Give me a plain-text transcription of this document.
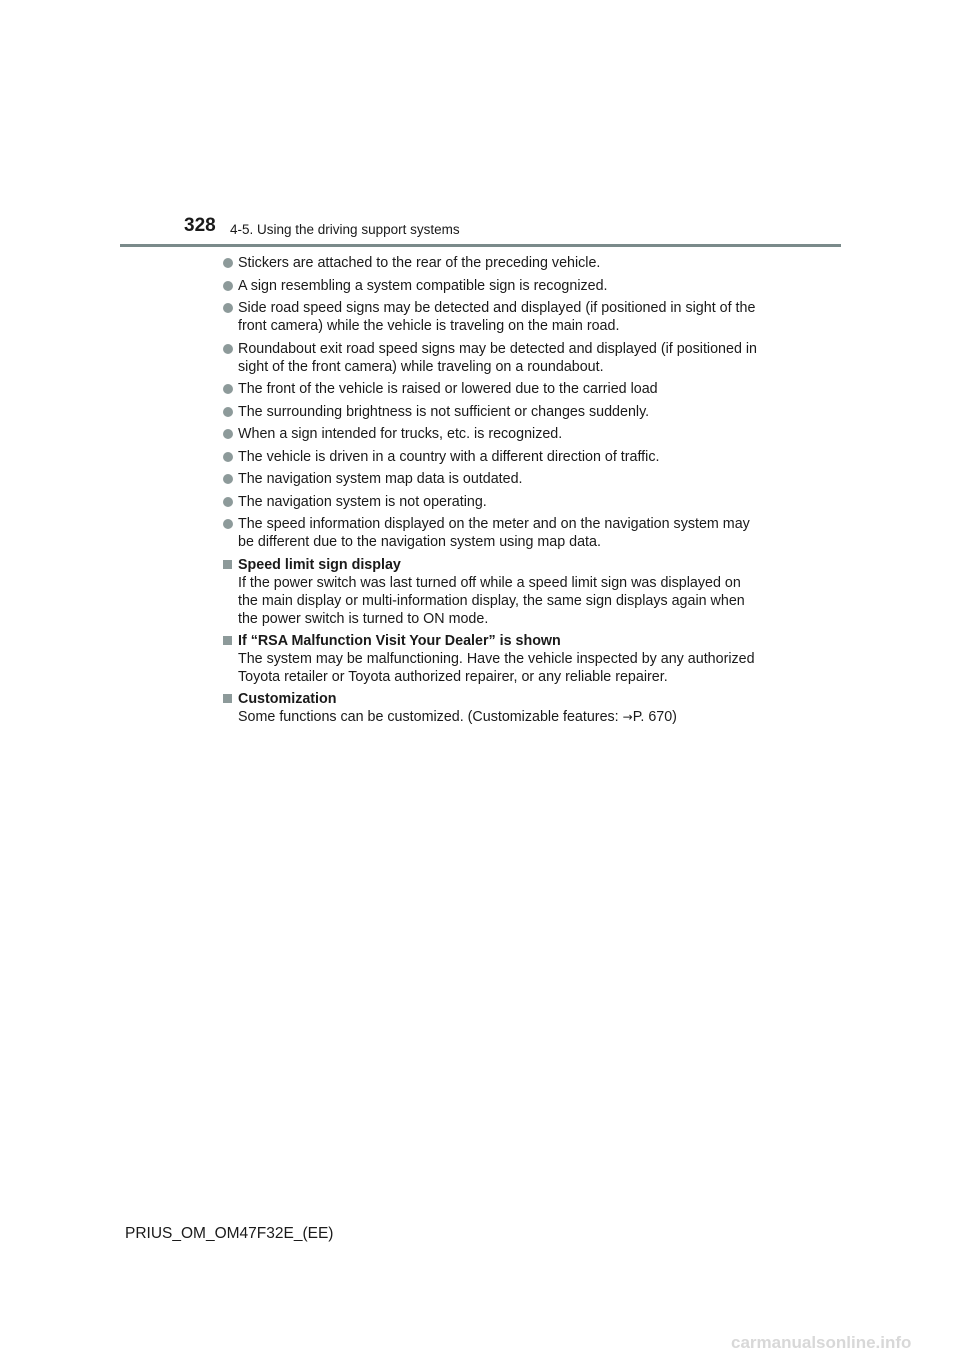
328 4-5. Using the driving support systems
Stickers are attached to the rear of the preceding vehicle.
A sign resembling a system compatible sign is recognized.
Side road speed signs may be detected and displayed (if positioned in sight of the front camera) while the vehicle is traveling on the main road.
Roundabout exit road speed signs may be detected and displayed (if positioned in sight of the front camera) while traveling on a roundabout.
The front of the vehicle is raised or lowered due to the carried load
The surrounding brightness is not sufficient or changes suddenly.
When a sign intended for trucks, etc. is recognized.
The vehicle is driven in a country with a different direction of traffic.
The navigation system map data is outdated.
The navigation system is not operating.
The speed information displayed on the meter and on the navigation system may be different due to the navigation system using map data.
Speed limit sign display
If the power switch was last turned off while a speed limit sign was displayed on the main display or multi-information display, the same sign displays again when the power switch is turned to ON mode.
If “RSA Malfunction Visit Your Dealer” is shown
The system may be malfunctioning. Have the vehicle inspected by any authorized Toyota retailer or Toyota authorized repairer, or any reliable repairer.
Customization
Some functions can be customized. (Customizable features: →P. 670)
PRIUS_OM_OM47F32E_(EE)
carmanualsonline.info
